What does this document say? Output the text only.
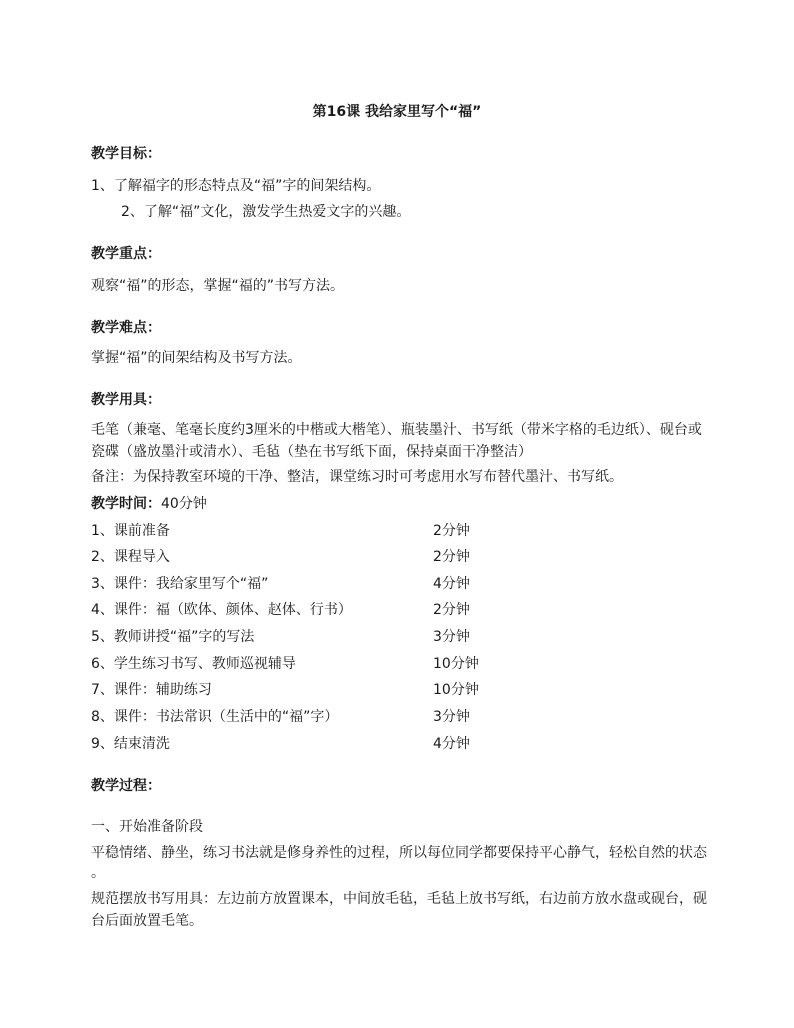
第16课 我给家里写个“福”
教学目标：
1、了解福字的形态特点及“福”字的间架结构。
2、了解“福”文化，激发学生热爱文字的兴趣。
教学重点：
观察“福”的形态，掌握“福的”书写方法。
教学难点：
掌握“福”的间架结构及书写方法。
教学用具：
毛笔（兼毫、笔毫长度约3厘米的中楷或大楷笔）、瓶装墨汁、书写纸（带米字格的毛边纸）、砚台或
瓷碟（盛放墨汁或清水）、毛毡（垫在书写纸下面，保持桌面干净整洁）
备注：为保持教室环境的干净、整洁，课堂练习时可考虑用水写布替代墨汁、书写纸。
教学时间：40分钟
1、课前准备	2分钟
2、课程导入	2分钟
3、课件：我给家里写个“福”	4分钟
4、课件：福（欧体、颜体、赵体、行书）	2分钟
5、教师讲授“福”字的写法	3分钟
6、学生练习书写、教师巡视辅导	10分钟
7、课件：辅助练习	10分钟
8、课件：书法常识（生活中的“福”字）	3分钟
9、结束清洗	4分钟
教学过程：
一、开始准备阶段
平稳情绪、静坐，练习书法就是修身养性的过程，所以每位同学都要保持平心静气，轻松自然的状态
。
规范摆放书写用具：左边前方放置课本，中间放毛毡，毛毡上放书写纸，右边前方放水盘或砚台，砚
台后面放置毛笔。
